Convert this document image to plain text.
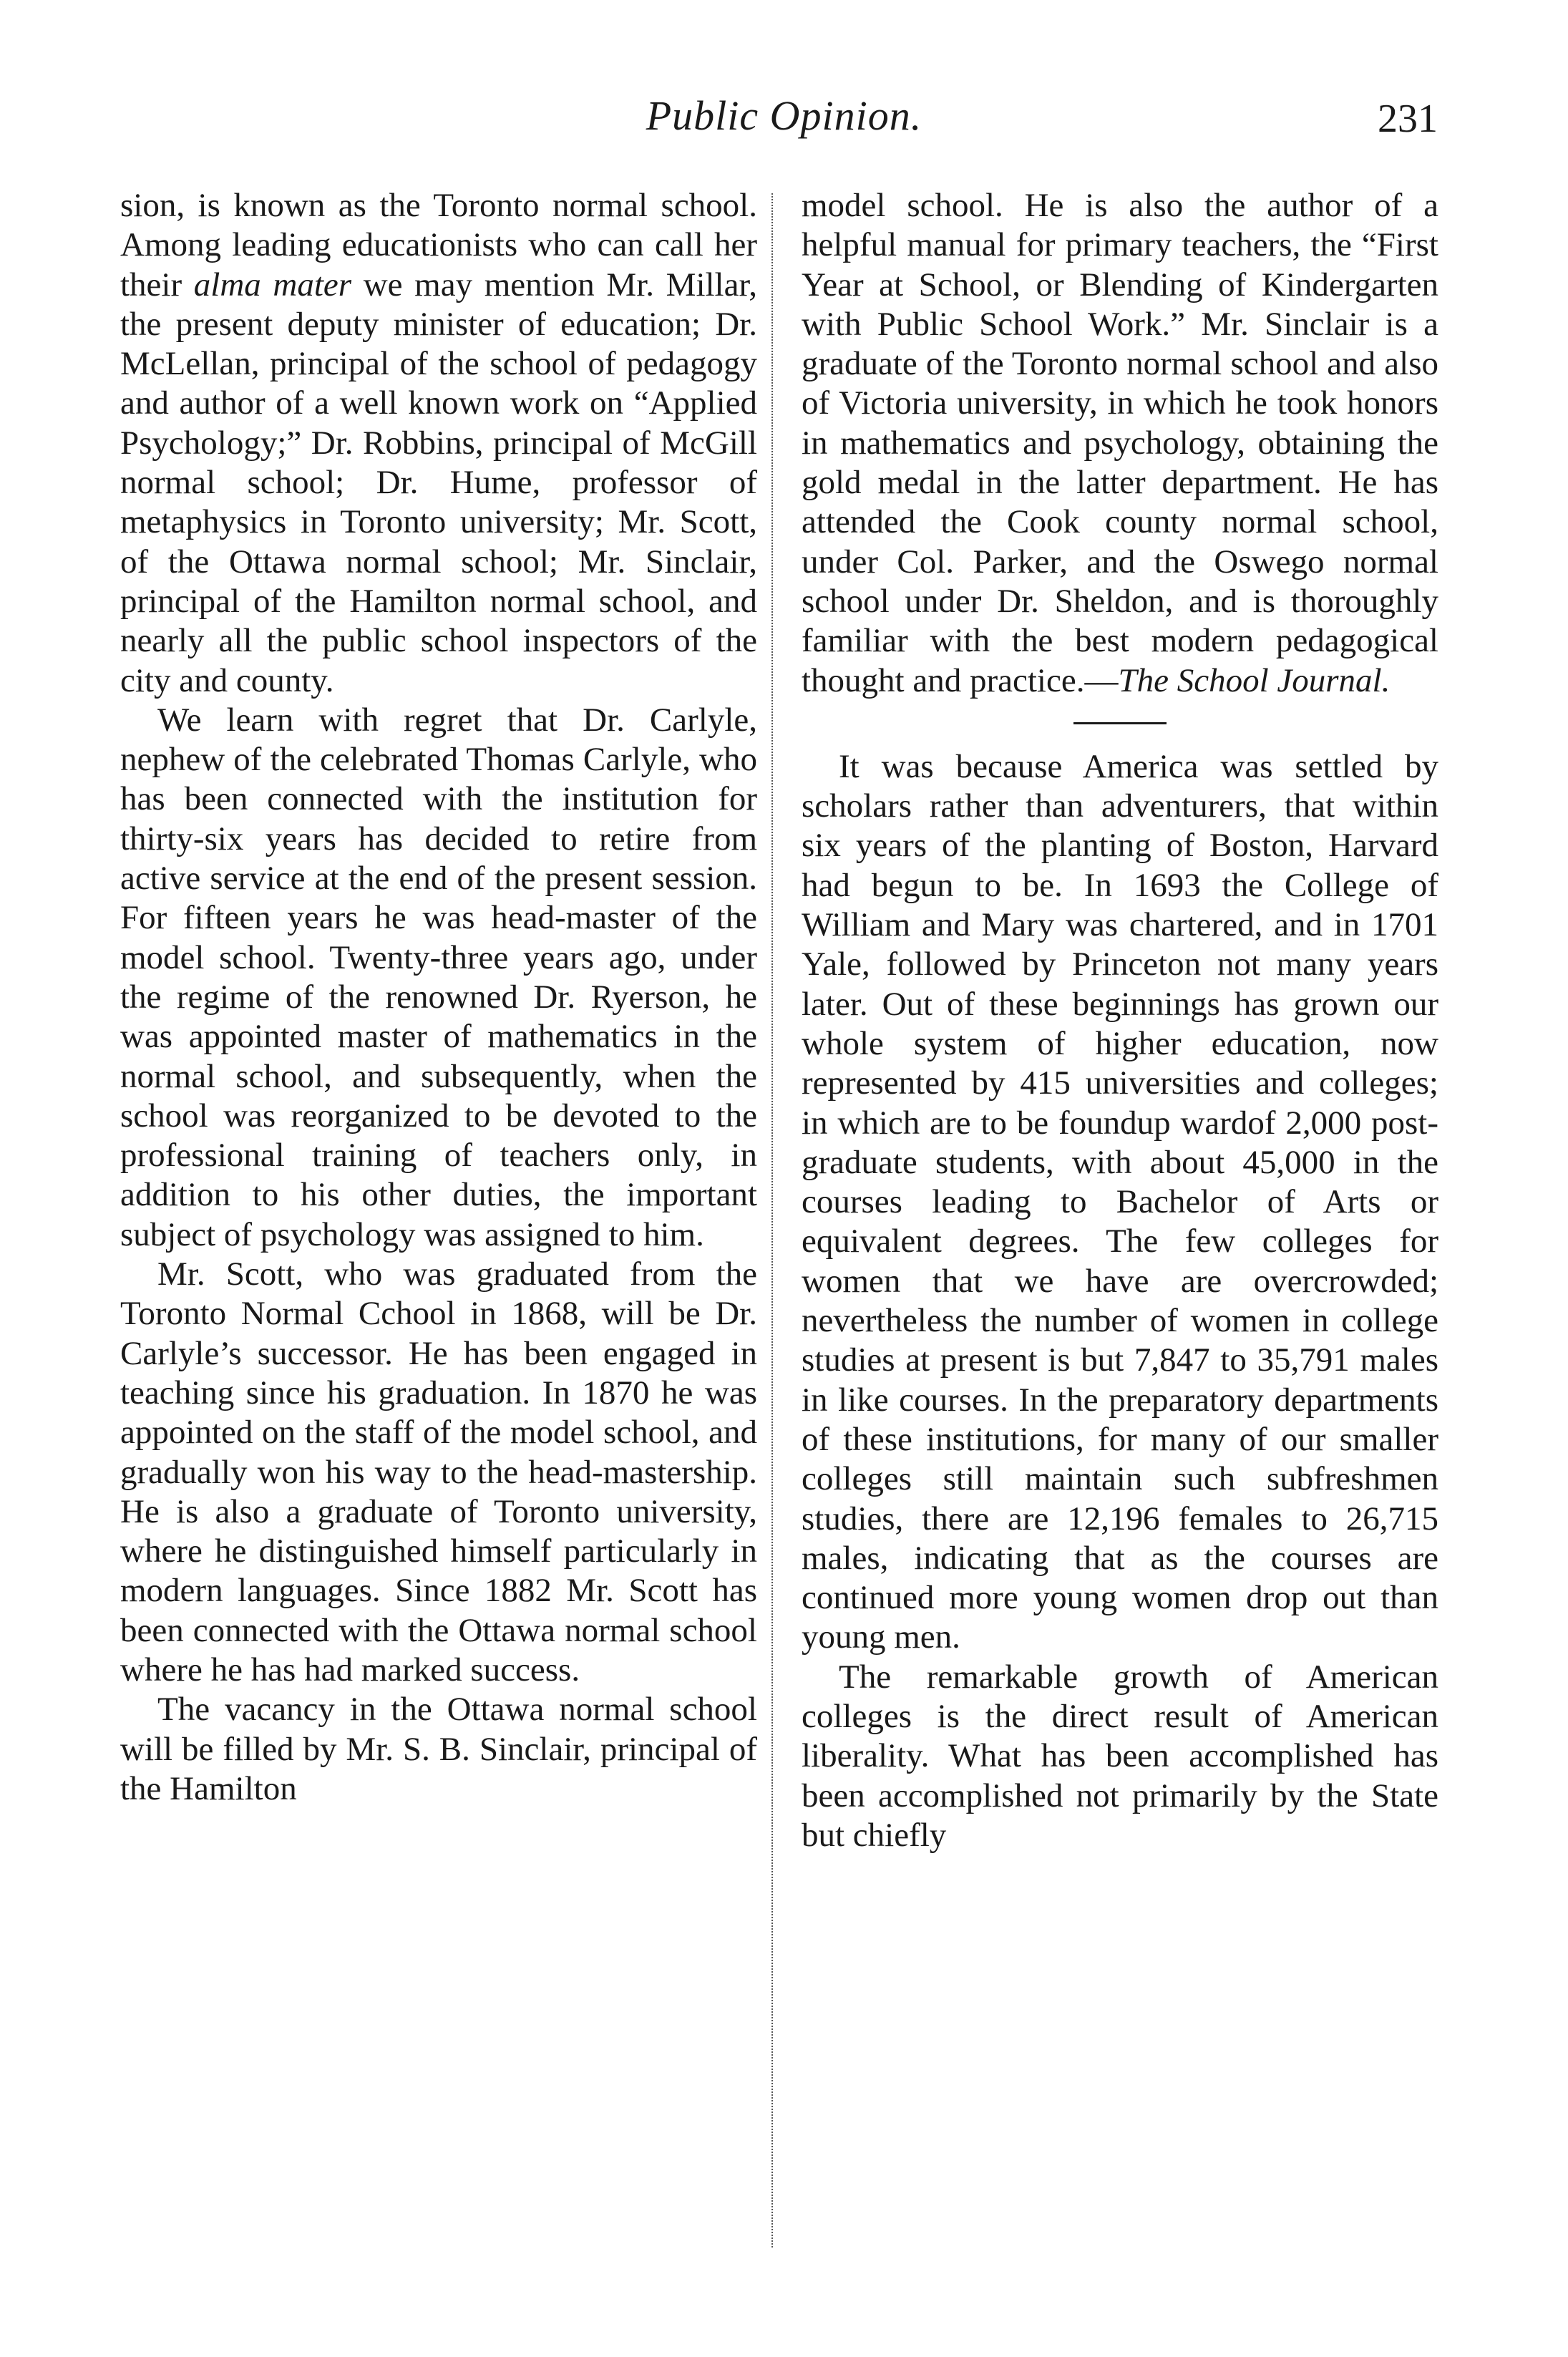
Public Opinion.	231

sion, is known as the Toronto normal school. Among leading educationists who can call her their alma mater we may mention Mr. Millar, the present deputy minister of education; Dr. McLellan, principal of the school of pedagogy and author of a well known work on “Applied Psychology;” Dr. Robbins, principal of McGill normal school; Dr. Hume, professor of metaphysics in Toronto university; Mr. Scott, of the Ottawa normal school; Mr. Sinclair, principal of the Hamilton normal school, and nearly all the public school inspectors of the city and county.

We learn with regret that Dr. Carlyle, nephew of the celebrated Thomas Carlyle, who has been connected with the institution for thirty-six years has decided to retire from active service at the end of the present session. For fifteen years he was head-master of the model school. Twenty-three years ago, under the regime of the renowned Dr. Ryerson, he was appointed master of mathematics in the normal school, and subsequently, when the school was reorganized to be devoted to the professional training of teachers only, in addition to his other duties, the important subject of psychology was assigned to him.

Mr. Scott, who was graduated from the Toronto Normal Cchool in 1868, will be Dr. Carlyle’s successor. He has been engaged in teaching since his graduation. In 1870 he was appointed on the staff of the model school, and gradually won his way to the head-mastership. He is also a graduate of Toronto university, where he distinguished himself particularly in modern languages. Since 1882 Mr. Scott has been connected with the Ottawa normal school where he has had marked success.

The vacancy in the Ottawa normal school will be filled by Mr. S. B. Sinclair, principal of the Hamilton

model school. He is also the author of a helpful manual for primary teachers, the “First Year at School, or Blending of Kindergarten with Public School Work.” Mr. Sinclair is a graduate of the Toronto normal school and also of Victoria university, in which he took honors in mathematics and psychology, obtaining the gold medal in the latter department. He has attended the Cook county normal school, under Col. Parker, and the Oswego normal school under Dr. Sheldon, and is thoroughly familiar with the best modern pedagogical thought and practice.—The School Journal.

It was because America was settled by scholars rather than adventurers, that within six years of the planting of Boston, Harvard had begun to be. In 1693 the College of William and Mary was chartered, and in 1701 Yale, followed by Princeton not many years later. Out of these beginnings has grown our whole system of higher education, now represented by 415 universities and colleges; in which are to be foundup wardof 2,000 post-graduate students, with about 45,000 in the courses leading to Bachelor of Arts or equivalent degrees. The few colleges for women that we have are overcrowded; nevertheless the number of women in college studies at present is but 7,847 to 35,791 males in like courses. In the preparatory departments of these institutions, for many of our smaller colleges still maintain such subfreshmen studies, there are 12,196 females to 26,715 males, indicating that as the courses are continued more young women drop out than young men.

The remarkable growth of American colleges is the direct result of American liberality. What has been accomplished has been accomplished not primarily by the State but chiefly
